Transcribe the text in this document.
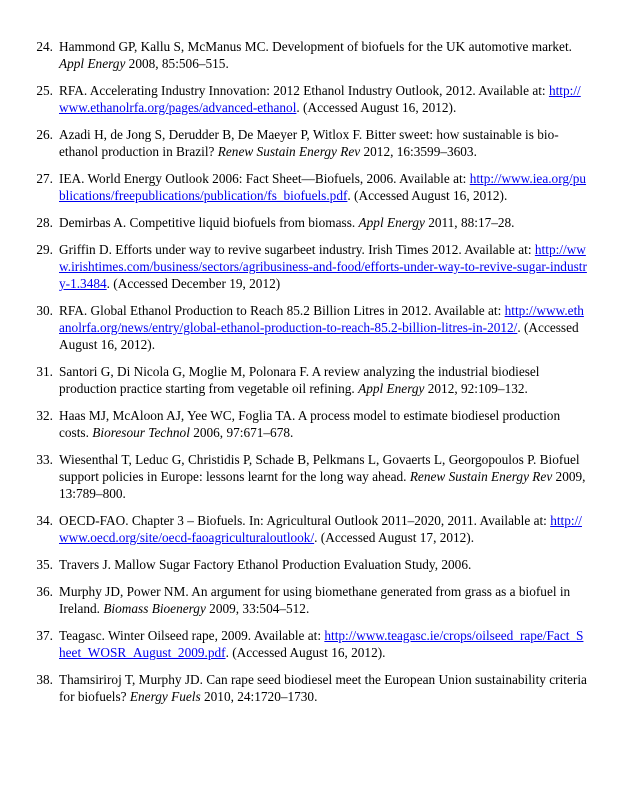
24. Hammond GP, Kallu S, McManus MC. Development of biofuels for the UK automotive market. Appl Energy 2008, 85:506–515.
25. RFA. Accelerating Industry Innovation: 2012 Ethanol Industry Outlook, 2012. Available at: http://www.ethanolrfa.org/pages/advanced-ethanol. (Accessed August 16, 2012).
26. Azadi H, de Jong S, Derudder B, De Maeyer P, Witlox F. Bitter sweet: how sustainable is bio-ethanol production in Brazil? Renew Sustain Energy Rev 2012, 16:3599–3603.
27. IEA. World Energy Outlook 2006: Fact Sheet—Biofuels, 2006. Available at: http://www.iea.org/publications/freepublications/publication/fs_biofuels.pdf. (Accessed August 16, 2012).
28. Demirbas A. Competitive liquid biofuels from biomass. Appl Energy 2011, 88:17–28.
29. Griffin D. Efforts under way to revive sugarbeet industry. Irish Times 2012. Available at: http://www.irishtimes.com/business/sectors/agribusiness-and-food/efforts-under-way-to-revive-sugar-industry-1.3484. (Accessed December 19, 2012)
30. RFA. Global Ethanol Production to Reach 85.2 Billion Litres in 2012. Available at: http://www.ethanolrfa.org/news/entry/global-ethanol-production-to-reach-85.2-billion-litres-in-2012/. (Accessed August 16, 2012).
31. Santori G, Di Nicola G, Moglie M, Polonara F. A review analyzing the industrial biodiesel production practice starting from vegetable oil refining. Appl Energy 2012, 92:109–132.
32. Haas MJ, McAloon AJ, Yee WC, Foglia TA. A process model to estimate biodiesel production costs. Bioresour Technol 2006, 97:671–678.
33. Wiesenthal T, Leduc G, Christidis P, Schade B, Pelkmans L, Govaerts L, Georgopoulos P. Biofuel support policies in Europe: lessons learnt for the long way ahead. Renew Sustain Energy Rev 2009, 13:789–800.
34. OECD-FAO. Chapter 3 – Biofuels. In: Agricultural Outlook 2011–2020, 2011. Available at: http://www.oecd.org/site/oecd-faoagriculturaloutlook/. (Accessed August 17, 2012).
35. Travers J. Mallow Sugar Factory Ethanol Production Evaluation Study, 2006.
36. Murphy JD, Power NM. An argument for using biomethane generated from grass as a biofuel in Ireland. Biomass Bioenergy 2009, 33:504–512.
37. Teagasc. Winter Oilseed rape, 2009. Available at: http://www.teagasc.ie/crops/oilseed_rape/Fact_Sheet_WOSR_August_2009.pdf. (Accessed August 16, 2012).
38. Thamsiriroj T, Murphy JD. Can rape seed biodiesel meet the European Union sustainability criteria for biofuels? Energy Fuels 2010, 24:1720–1730.
